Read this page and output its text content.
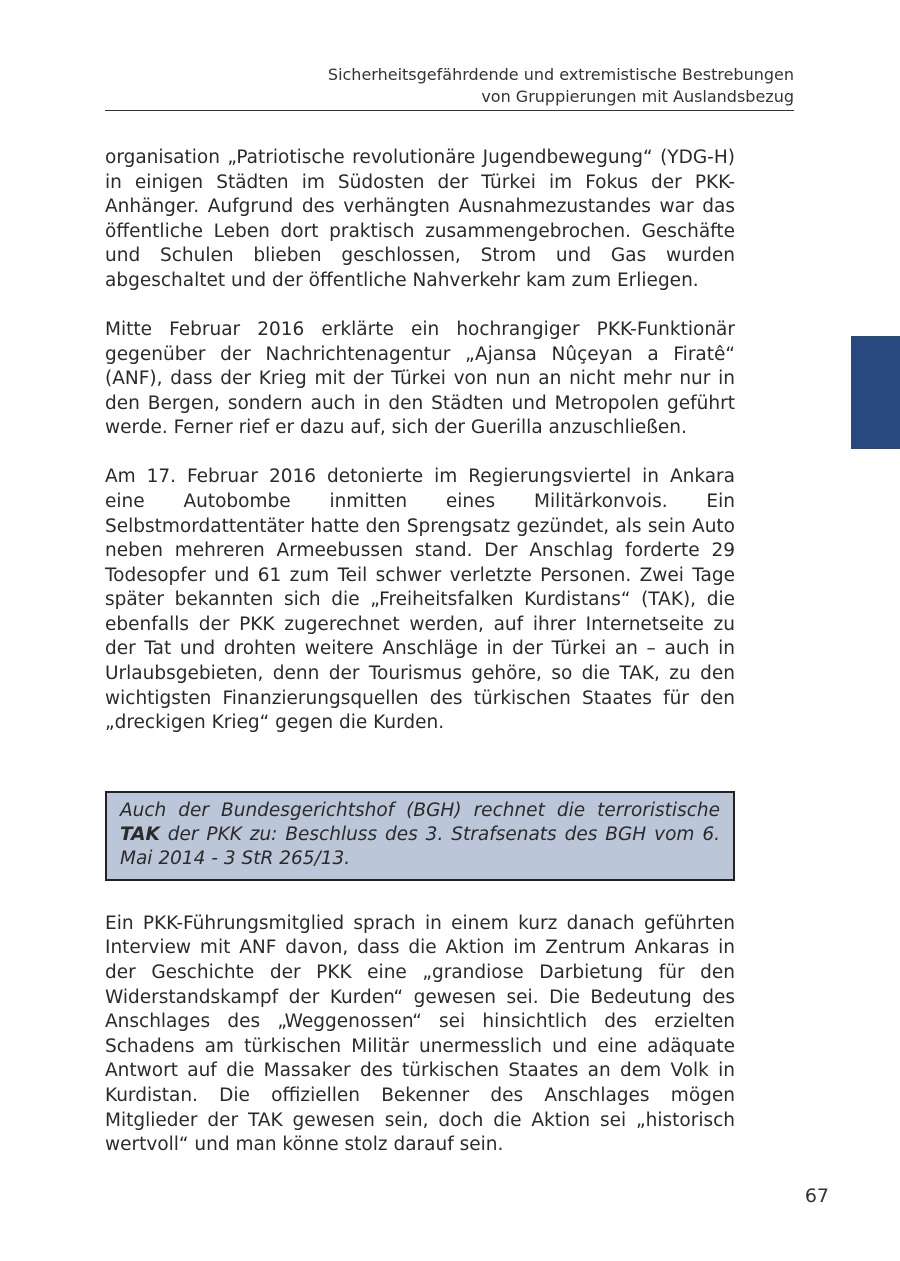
Sicherheitsgefährdende und extremistische Bestrebungen
von Gruppierungen mit Auslandsbezug

organisation „Patriotische revolutionäre Jugendbewegung“ (YDG-H) in einigen Städten im Südosten der Türkei im Fokus der PKK-Anhänger. Aufgrund des verhängten Ausnahmezustandes war das öffentliche Leben dort praktisch zusammengebrochen. Geschäfte und Schulen blieben geschlossen, Strom und Gas wurden abgeschaltet und der öffentliche Nahverkehr kam zum Erliegen.

Mitte Februar 2016 erklärte ein hochrangiger PKK-Funktionär gegenüber der Nachrichtenagentur „Ajansa Nûçeyan a Firatê“ (ANF), dass der Krieg mit der Türkei von nun an nicht mehr nur in den Bergen, sondern auch in den Städten und Metropolen geführt werde. Ferner rief er dazu auf, sich der Guerilla anzuschließen.

Am 17. Februar 2016 detonierte im Regierungsviertel in Ankara eine Autobombe inmitten eines Militärkonvois. Ein Selbstmordattentäter hatte den Sprengsatz gezündet, als sein Auto neben mehreren Armeebussen stand. Der Anschlag forderte 29 Todesopfer und 61 zum Teil schwer verletzte Personen. Zwei Tage später bekannten sich die „Freiheitsfalken Kurdistans“ (TAK), die ebenfalls der PKK zugerechnet werden, auf ihrer Internetseite zu der Tat und drohten weitere Anschläge in der Türkei an – auch in Urlaubsgebieten, denn der Tourismus gehöre, so die TAK, zu den wichtigsten Finanzierungsquellen des türkischen Staates für den „dreckigen Krieg“ gegen die Kurden.

Auch der Bundesgerichtshof (BGH) rechnet die terroristische TAK der PKK zu: Beschluss des 3. Strafsenats des BGH vom 6. Mai 2014 - 3 StR 265/13.

Ein PKK-Führungsmitglied sprach in einem kurz danach geführten Interview mit ANF davon, dass die Aktion im Zentrum Ankaras in der Geschichte der PKK eine „grandiose Darbietung für den Widerstandskampf der Kurden“ gewesen sei. Die Bedeutung des Anschlages des „Weggenossen“ sei hinsichtlich des erzielten Schadens am türkischen Militär unermesslich und eine adäquate Antwort auf die Massaker des türkischen Staates an dem Volk in Kurdistan. Die offiziellen Bekenner des Anschlages mögen Mitglieder der TAK gewesen sein, doch die Aktion sei „historisch wertvoll“ und man könne stolz darauf sein.

67
